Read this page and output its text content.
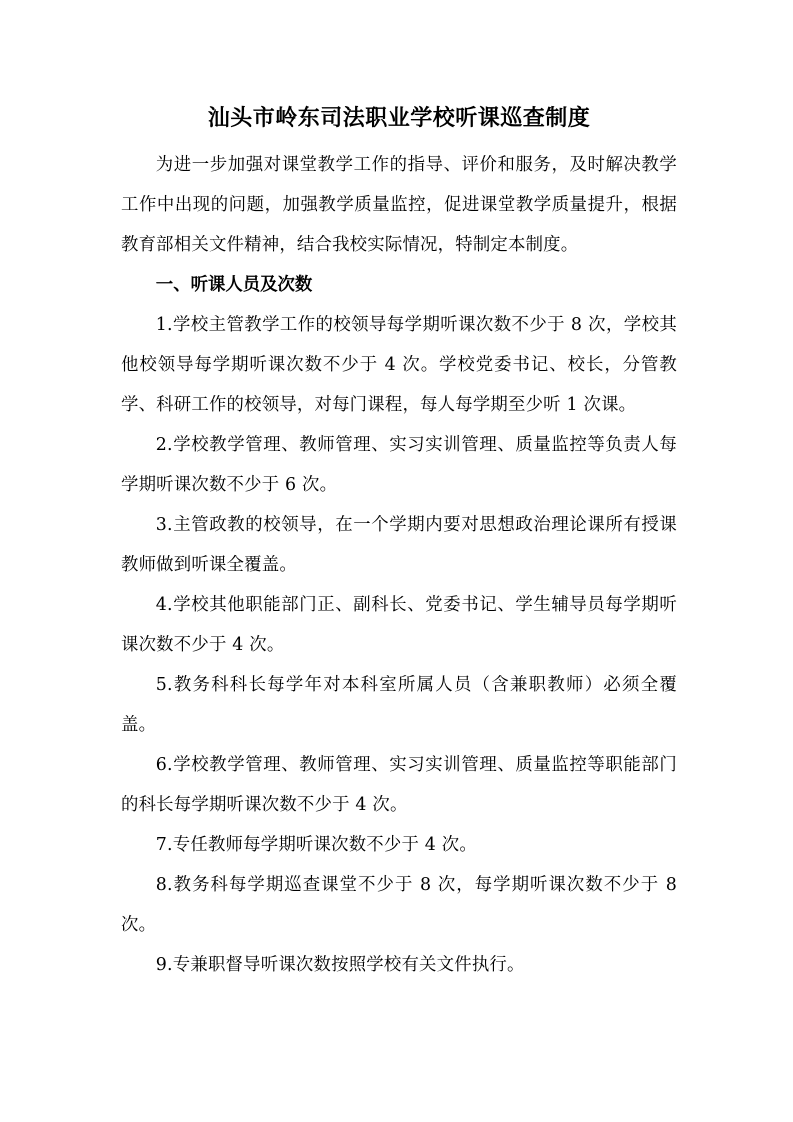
汕头市岭东司法职业学校听课巡查制度

为进一步加强对课堂教学工作的指导、评价和服务，及时解决教学工作中出现的问题，加强教学质量监控，促进课堂教学质量提升，根据教育部相关文件精神，结合我校实际情况，特制定本制度。

一、听课人员及次数

1.学校主管教学工作的校领导每学期听课次数不少于 8 次，学校其他校领导每学期听课次数不少于 4 次。学校党委书记、校长，分管教学、科研工作的校领导，对每门课程，每人每学期至少听 1 次课。

2.学校教学管理、教师管理、实习实训管理、质量监控等负责人每学期听课次数不少于 6 次。

3.主管政教的校领导，在一个学期内要对思想政治理论课所有授课教师做到听课全覆盖。

4.学校其他职能部门正、副科长、党委书记、学生辅导员每学期听课次数不少于 4 次。

5.教务科科长每学年对本科室所属人员（含兼职教师）必须全覆盖。

6.学校教学管理、教师管理、实习实训管理、质量监控等职能部门的科长每学期听课次数不少于 4 次。

7.专任教师每学期听课次数不少于 4 次。

8.教务科每学期巡查课堂不少于 8 次，每学期听课次数不少于 8 次。

9.专兼职督导听课次数按照学校有关文件执行。
